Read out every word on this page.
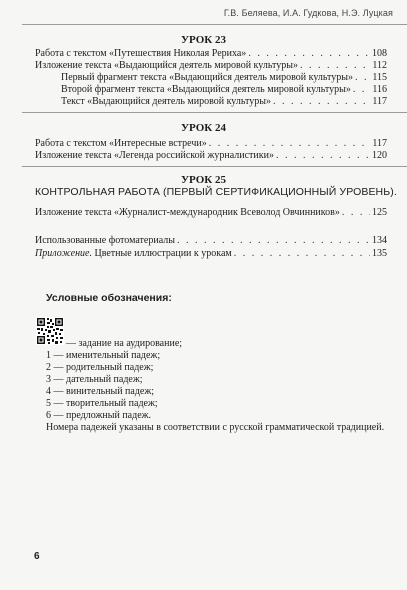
Г.В. Беляева, И.А. Гудкова, Н.Э. Луцкая
УРОК 23
Работа с текстом «Путешествия Николая Рериха» . . .	108
Изложение текста «Выдающийся деятель мировой культуры» . . .	112
Первый фрагмент текста «Выдающийся деятель мировой культуры» . . . 115
Второй фрагмент текста «Выдающийся деятель мировой культуры» . . . 116
Текст «Выдающийся деятель мировой культуры» . . .	117
УРОК 24
Работа с текстом «Интересные встречи» . . .	117
Изложение текста «Легенда российской журналистики» . . .	120
УРОК 25
КОНТРОЛЬНАЯ РАБОТА (ПЕРВЫЙ СЕРТИФИКАЦИОННЫЙ УРОВЕНЬ).
Изложение текста «Журналист-международник Всеволод Овчинников» . . .	125
Использованные фотоматериалы . . .	134
Приложение. Цветные иллюстрации к урокам . . .	135
Условные обозначения:
— задание на аудирование;
1 — именительный падеж;
2 — родительный падеж;
3 — дательный падеж;
4 — винительный падеж;
5 — творительный падеж;
6 — предложный падеж.
Номера падежей указаны в соответствии с русской грамматической традицией.
6
